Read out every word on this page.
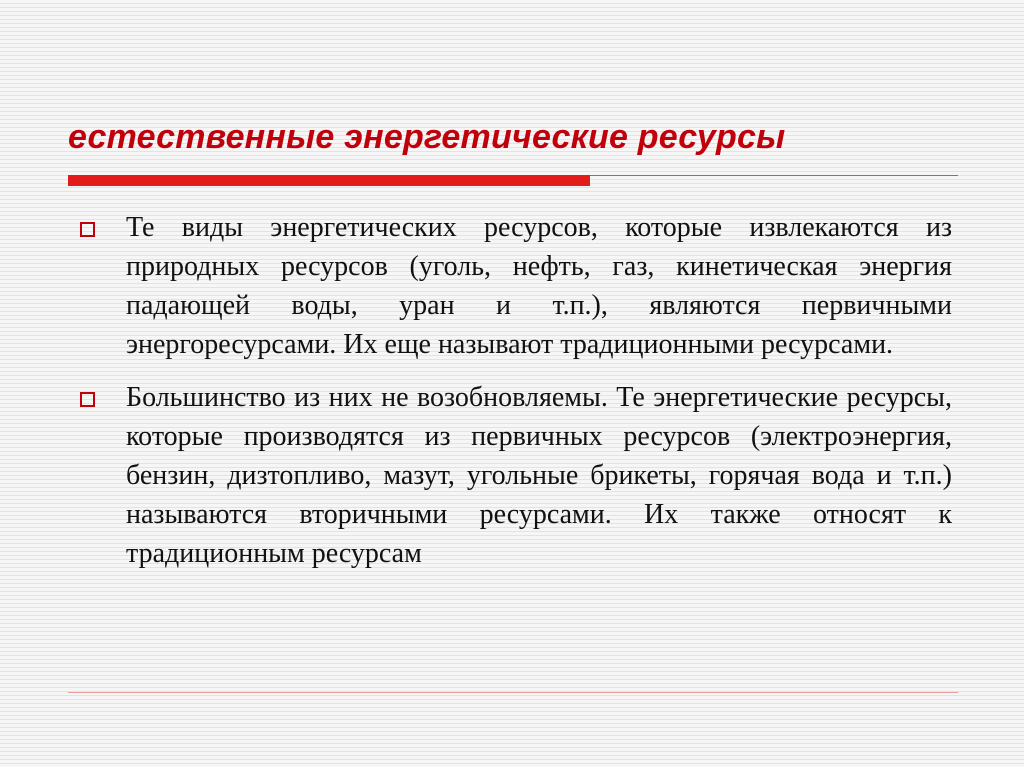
естественные энергетические ресурсы
Те виды энергетических ресурсов, которые извлекаются из природных ресурсов (уголь, нефть, газ, кинетическая энергия падающей воды, уран и т.п.), являются первичными энергоресурсами. Их еще называют традиционными ресурсами.
Большинство из них не возобновляемы. Те энергетические ресурсы, которые производятся из первичных ресурсов (электроэнергия, бензин, дизтопливо, мазут, угольные брикеты, горячая вода и т.п.) называются вторичными ресурсами. Их также относят к традиционным ресурсам
